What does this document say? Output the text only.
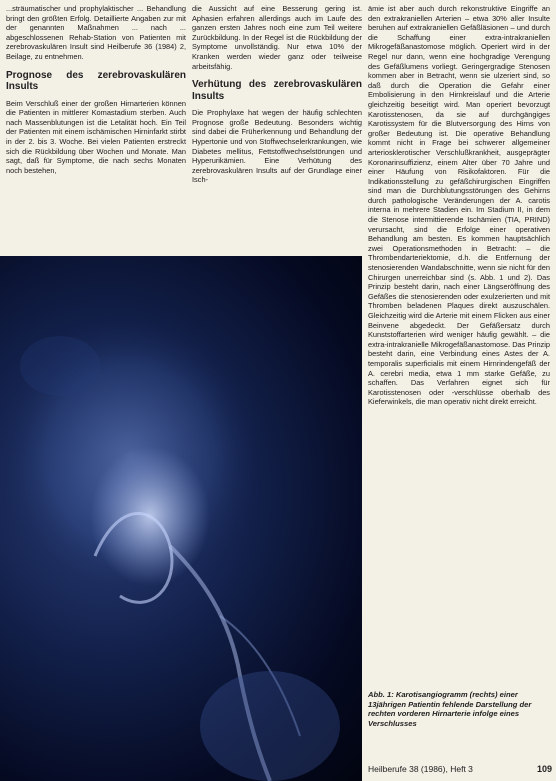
...sträumatischer und prophylaktischer ... Behandlung bringt den größten Erfolg. Detaillierte Angaben zur mit der genannten Maßnahmen ... nach ... abgeschlossenen Rehab-Station von Patienten mit zerebrovaskulären Insult sind Heilberufe 36 (1984) 2, Beilage, zu entnehmen.

Prognose des zerebrovaskulären Insults

Beim Verschluß einer der großen Hirnarterien können die Patienten in mittlerer Komastadium sterben. Auch nach Massenblutungen ist die Letalität hoch. Ein Teil der Patienten mit einem ischämischen Hirninfarkt stirbt in der 2. bis 3. Woche. Bei vielen Patienten erstreckt sich die Rückbildung über Wochen und Monate. Man sagt, daß für Symptome, die nach sechs Monaten noch bestehen,

die Aussicht auf eine Besserung gering ist. Aphasien erfahren allerdings auch im Laufe des ganzen ersten Jahres noch eine zum Teil weitere Zurückbildung. In der Regel ist die Rückbildung der Symptome unvollständig. Nur etwa 10% der Kranken werden wieder ganz oder teilweise arbeitsfähig.

Verhütung des zerebrovaskulären Insults

Die Prophylaxe hat wegen der häufig schlechten Prognose große Bedeutung. Besonders wichtig sind dabei die Früherkennung und Behandlung der Hypertonie und von Stoffwechselerkrankungen, wie Diabetes mellitus, Fettstoffwechselstörungen und Hyperurikämien. Eine Verhütung des zerebrovaskulären Insults auf der Grundlage einer Isch-

ämie ist aber auch durch rekonstruktive Eingriffe an den extrakraniellen Arterien – etwa 30% aller Insulte beruhen auf extrakraniellen Gefäßläsionen – und durch die Schaffung einer extra-intrakraniellen Mikrogefäßanastomose möglich. Operiert wird in der Regel nur dann, wenn eine hochgradige Verengung des Gefäßlumens vorliegt. Geringergradige Stenosen kommen aber in Betracht, wenn sie ulzeriert sind, so daß durch die Operation die Gefahr einer Embolisierung in den Hirnkreislauf und die Arterie gleichzeitig beseitigt wird. Man operiert bevorzugt Karotisstenosen, da sie auf durchgängiges Karotissystem für die Blutversorgung des Hirns von großer Bedeutung ist. Die operative Behandlung kommt nicht in Frage bei schwerer allgemeiner arteriosklerotischer Verschlußkrankheit, ausgeprägter Koronarinsuffizienz, einem Alter über 70 Jahre und einer Häufung von Risikofaktoren. Für die Indikationsstellung zu gefäßchirurgischen Eingriffen sind man die Durchblutungsstörungen des Gehirns durch pathologische Veränderungen der A. carotis interna in mehrere Stadien ein. Im Stadium II, in dem die Stenose intermittierende Ischämien (TIA, PRIND) verursacht, sind die Erfolge einer operativen Behandlung am besten. Es kommen hauptsächlich zwei Operationsmethoden in Betracht: – die Thrombendarteriektomie, d.h. die Entfernung der stenosierenden Wandabschnitte, wenn sie nicht für den Chirurgen unerreichbar sind (s. Abb. 1 und 2). Das Prinzip besteht darin, nach einer Längseröffnung des Gefäßes die stenosierenden oder exulzerierten und mit Thromben beladenen Plaques direkt auszuschälen. Gleichzeitig wird die Arterie mit einem Flicken aus einer Beinvene abgedeckt. Der Gefäßersatz durch Kunststoffarterien wird weniger häufig gewählt. – die extra-intrakranielle Mikrogefäßanastomose. Das Prinzip besteht darin, eine Verbindung eines Astes der A. temporalis superficialis mit einem Hirnrindengefäß der A. cerebri media, etwa 1 mm starke Gefäße, zu schaffen. Das Verfahren eignet sich für Karotisstenosen oder -verschlüsse oberhalb des Kieferwinkels, die man operativ nicht direkt erreicht.

Abb. 1: Karotisangiogramm (rechts) einer 13jährigen Patientin fehlende Darstellung der rechten vorderen Hirnarterie infolge eines Verschlusses
Heilberufe 38 (1986), Heft 3	109
